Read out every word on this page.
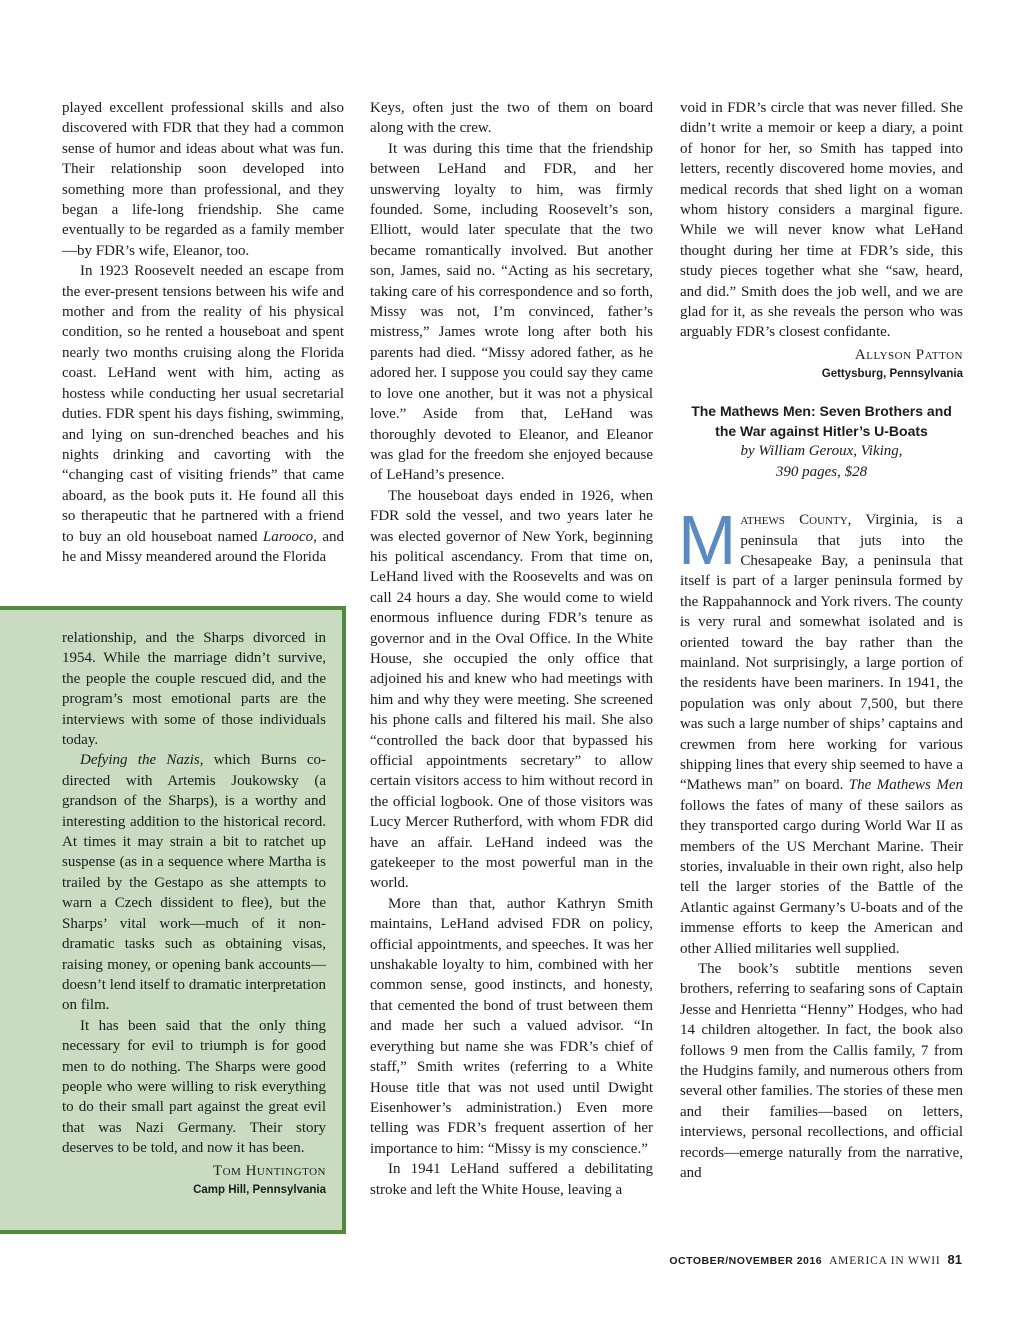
played excellent professional skills and also discovered with FDR that they had a common sense of humor and ideas about what was fun. Their relationship soon developed into something more than professional, and they began a life-long friendship. She came eventually to be regarded as a family member—by FDR’s wife, Eleanor, too.

In 1923 Roosevelt needed an escape from the ever-present tensions between his wife and mother and from the reality of his physical condition, so he rented a houseboat and spent nearly two months cruising along the Florida coast. LeHand went with him, acting as hostess while conducting her usual secretarial duties. FDR spent his days fishing, swimming, and lying on sun-drenched beaches and his nights drinking and cavorting with the “changing cast of visiting friends” that came aboard, as the book puts it. He found all this so therapeutic that he partnered with a friend to buy an old houseboat named Larooco, and he and Missy meandered around the Florida

relationship, and the Sharps divorced in 1954. While the marriage didn’t survive, the people the couple rescued did, and the program’s most emotional parts are the interviews with some of those individuals today.

Defying the Nazis, which Burns co-directed with Artemis Joukowsky (a grandson of the Sharps), is a worthy and interesting addition to the historical record. At times it may strain a bit to ratchet up suspense (as in a sequence where Martha is trailed by the Gestapo as she attempts to warn a Czech dissident to flee), but the Sharps’ vital work—much of it non-dramatic tasks such as obtaining visas, raising money, or opening bank accounts—doesn’t lend itself to dramatic interpretation on film.

It has been said that the only thing necessary for evil to triumph is for good men to do nothing. The Sharps were good people who were willing to risk everything to do their small part against the great evil that was Nazi Germany. Their story deserves to be told, and now it has been.

Tom Huntington
Camp Hill, Pennsylvania

Keys, often just the two of them on board along with the crew.

It was during this time that the friendship between LeHand and FDR, and her unswerving loyalty to him, was firmly founded. Some, including Roosevelt’s son, Elliott, would later speculate that the two became romantically involved. But another son, James, said no. “Acting as his secretary, taking care of his correspondence and so forth, Missy was not, I’m convinced, father’s mistress,” James wrote long after both his parents had died. “Missy adored father, as he adored her. I suppose you could say they came to love one another, but it was not a physical love.” Aside from that, LeHand was thoroughly devoted to Eleanor, and Eleanor was glad for the freedom she enjoyed because of LeHand’s presence.

The houseboat days ended in 1926, when FDR sold the vessel, and two years later he was elected governor of New York, beginning his political ascendancy. From that time on, LeHand lived with the Roosevelts and was on call 24 hours a day. She would come to wield enormous influence during FDR’s tenure as governor and in the Oval Office. In the White House, she occupied the only office that adjoined his and knew who had meetings with him and why they were meeting. She screened his phone calls and filtered his mail. She also “controlled the back door that bypassed his official appointments secretary” to allow certain visitors access to him without record in the official logbook. One of those visitors was Lucy Mercer Rutherford, with whom FDR did have an affair. LeHand indeed was the gatekeeper to the most powerful man in the world.

More than that, author Kathryn Smith maintains, LeHand advised FDR on policy, official appointments, and speeches. It was her unshakable loyalty to him, combined with her common sense, good instincts, and honesty, that cemented the bond of trust between them and made her such a valued advisor. “In everything but name she was FDR’s chief of staff,” Smith writes (referring to a White House title that was not used until Dwight Eisenhower’s administration.) Even more telling was FDR’s frequent assertion of her importance to him: “Missy is my conscience.”

In 1941 LeHand suffered a debilitating stroke and left the White House, leaving a

void in FDR’s circle that was never filled. She didn’t write a memoir or keep a diary, a point of honor for her, so Smith has tapped into letters, recently discovered home movies, and medical records that shed light on a woman whom history considers a marginal figure. While we will never know what LeHand thought during her time at FDR’s side, this study pieces together what she “saw, heard, and did.” Smith does the job well, and we are glad for it, as she reveals the person who was arguably FDR’s closest confidante.

Allyson Patton
Gettysburg, Pennsylvania
The Mathews Men: Seven Brothers and the War against Hitler’s U-Boats
by William Geroux, Viking,
390 pages, $28

Mathews County, Virginia, is a peninsula that juts into the Chesapeake Bay, a peninsula that itself is part of a larger peninsula formed by the Rappahannock and York rivers. The county is very rural and somewhat isolated and is oriented toward the bay rather than the mainland. Not surprisingly, a large portion of the residents have been mariners. In 1941, the population was only about 7,500, but there was such a large number of ships’ captains and crewmen from here working for various shipping lines that every ship seemed to have a “Mathews man” on board. The Mathews Men follows the fates of many of these sailors as they transported cargo during World War II as members of the US Merchant Marine. Their stories, invaluable in their own right, also help tell the larger stories of the Battle of the Atlantic against Germany’s U-boats and of the immense efforts to keep the American and other Allied militaries well supplied.

The book’s subtitle mentions seven brothers, referring to seafaring sons of Captain Jesse and Henrietta “Henny” Hodges, who had 14 children altogether. In fact, the book also follows 9 men from the Callis family, 7 from the Hudgins family, and numerous others from several other families. The stories of these men and their families—based on letters, interviews, personal recollections, and official records—emerge naturally from the narrative, and

OCTOBER/NOVEMBER 2016 AMERICA IN WWII 81
